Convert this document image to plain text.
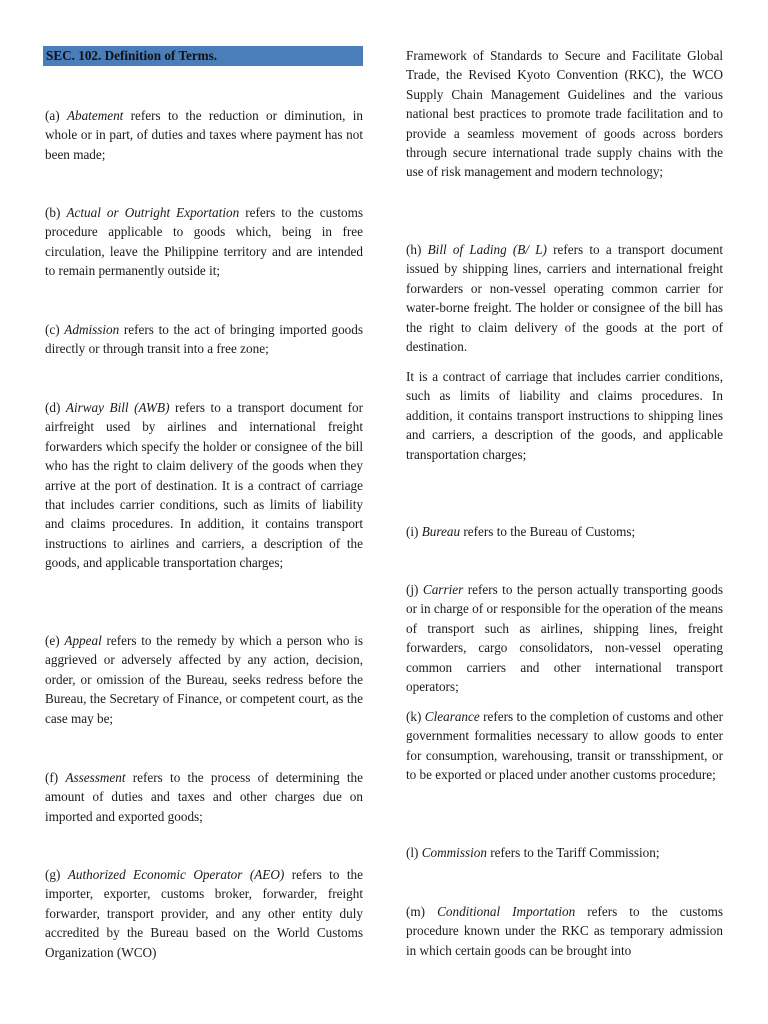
SEC. 102. Definition of Terms.

(a) Abatement refers to the reduction or diminution, in whole or in part, of duties and taxes where payment has not been made;

(b) Actual or Outright Exportation refers to the customs procedure applicable to goods which, being in free circulation, leave the Philippine territory and are intended to remain permanently outside it;

(c) Admission refers to the act of bringing imported goods directly or through transit into a free zone;

(d) Airway Bill (AWB) refers to a transport document for airfreight used by airlines and international freight forwarders which specify the holder or consignee of the bill who has the right to claim delivery of the goods when they arrive at the port of destination. It is a contract of carriage that includes carrier conditions, such as limits of liability and claims procedures. In addition, it contains transport instructions to airlines and carriers, a description of the goods, and applicable transportation charges;

(e) Appeal refers to the remedy by which a person who is aggrieved or adversely affected by any action, decision, order, or omission of the Bureau, seeks redress before the Bureau, the Secretary of Finance, or competent court, as the case may be;

(f) Assessment refers to the process of determining the amount of duties and taxes and other charges due on imported and exported goods;

(g) Authorized Economic Operator (AEO) refers to the importer, exporter, customs broker, forwarder, freight forwarder, transport provider, and any other entity duly accredited by the Bureau based on the World Customs Organization (WCO)

Framework of Standards to Secure and Facilitate Global Trade, the Revised Kyoto Convention (RKC), the WCO Supply Chain Management Guidelines and the various national best practices to promote trade facilitation and to provide a seamless movement of goods across borders through secure international trade supply chains with the use of risk management and modern technology;

(h) Bill of Lading (B/ L) refers to a transport document issued by shipping lines, carriers and international freight forwarders or non-vessel operating common carrier for water-borne freight. The holder or consignee of the bill has the right to claim delivery of the goods at the port of destination.

It is a contract of carriage that includes carrier conditions, such as limits of liability and claims procedures. In addition, it contains transport instructions to shipping lines and carriers, a description of the goods, and applicable transportation charges;

(i) Bureau refers to the Bureau of Customs;

(j) Carrier refers to the person actually transporting goods or in charge of or responsible for the operation of the means of transport such as airlines, shipping lines, freight forwarders, cargo consolidators, non-vessel operating common carriers and other international transport operators;

(k) Clearance refers to the completion of customs and other government formalities necessary to allow goods to enter for consumption, warehousing, transit or transshipment, or to be exported or placed under another customs procedure;

(l) Commission refers to the Tariff Commission;

(m) Conditional Importation refers to the customs procedure known under the RKC as temporary admission in which certain goods can be brought into
